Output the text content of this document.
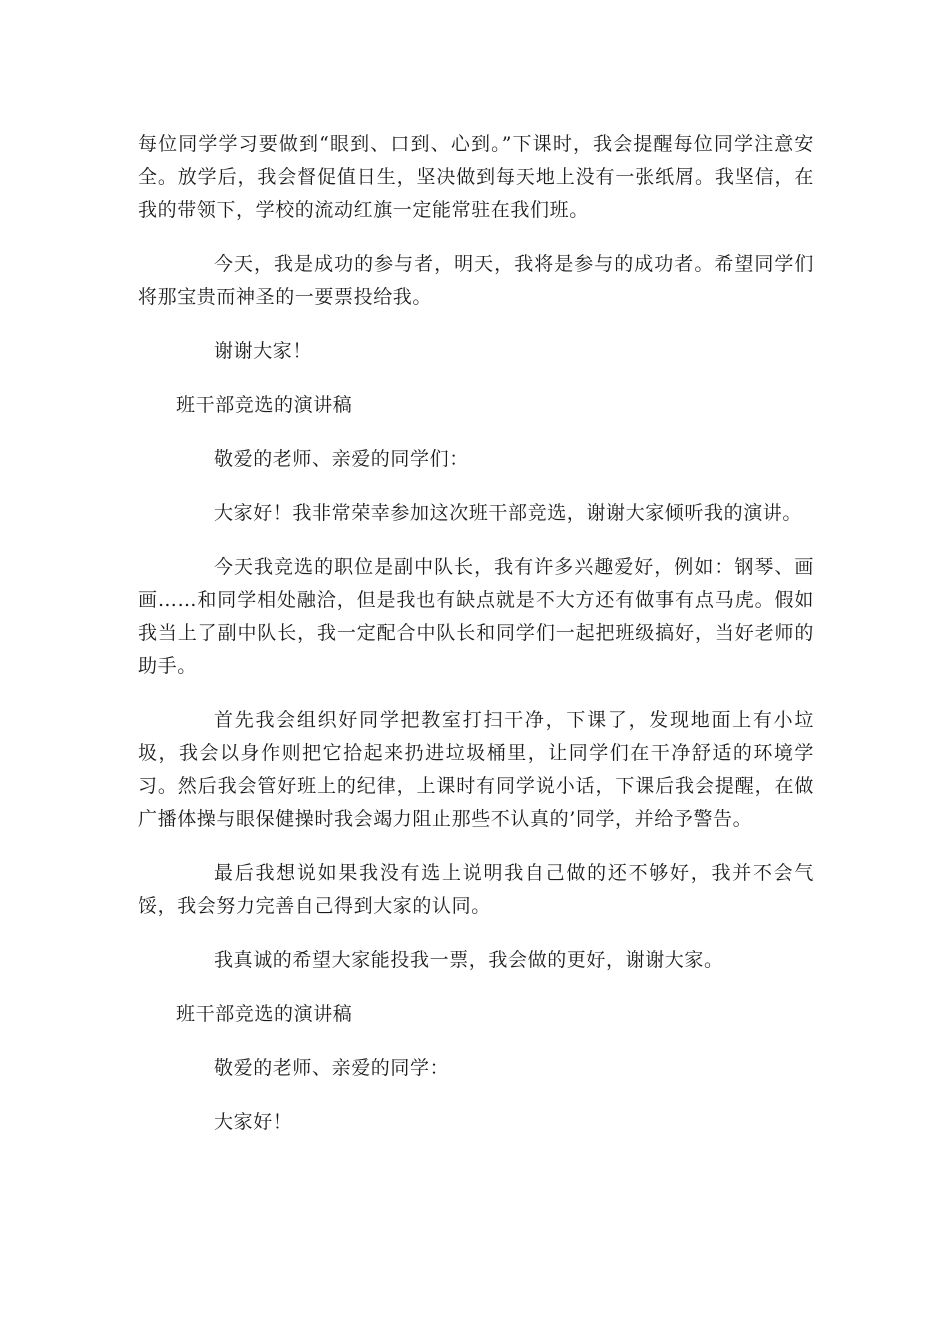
每位同学学习要做到“眼到、口到、心到。”下课时，我会提醒每位同学注意安全。放学后，我会督促值日生，坚决做到每天地上没有一张纸屑。我坚信，在我的带领下，学校的流动红旗一定能常驻在我们班。

今天，我是成功的参与者，明天，我将是参与的成功者。希望同学们将那宝贵而神圣的一要票投给我。

谢谢大家！

班干部竞选的演讲稿

敬爱的老师、亲爱的同学们：

大家好！我非常荣幸参加这次班干部竞选，谢谢大家倾听我的演讲。

今天我竞选的职位是副中队长，我有许多兴趣爱好，例如：钢琴、画画……和同学相处融洽，但是我也有缺点就是不大方还有做事有点马虎。假如我当上了副中队长，我一定配合中队长和同学们一起把班级搞好，当好老师的助手。

首先我会组织好同学把教室打扫干净，下课了，发现地面上有小垃圾，我会以身作则把它拾起来扔进垃圾桶里，让同学们在干净舒适的环境学习。然后我会管好班上的纪律，上课时有同学说小话，下课后我会提醒，在做广播体操与眼保健操时我会竭力阻止那些不认真的’同学，并给予警告。

最后我想说如果我没有选上说明我自己做的还不够好，我并不会气馁，我会努力完善自己得到大家的认同。

我真诚的希望大家能投我一票，我会做的更好，谢谢大家。

班干部竞选的演讲稿

敬爱的老师、亲爱的同学：

大家好！
